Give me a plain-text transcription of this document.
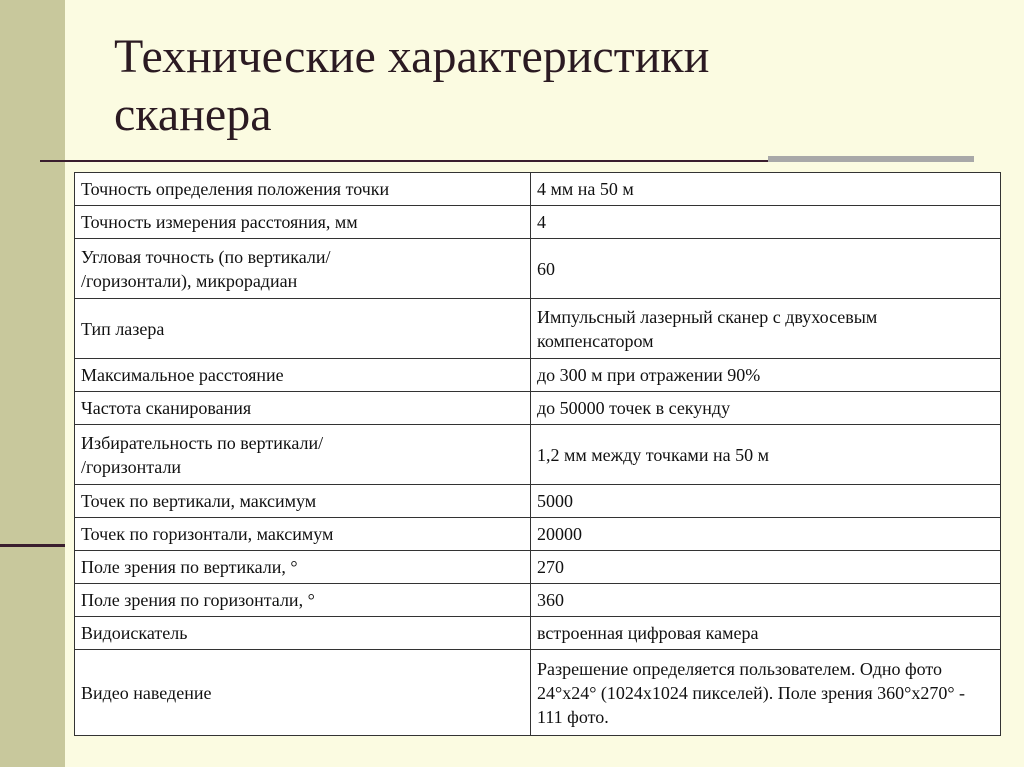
Технические характеристики
сканера
Точность определения положения точки	4 мм на 50 м
Точность измерения расстояния, мм	4

Угловая точность (по вертикали/
/горизонтали), микрорадиан	60
Тип лазера	Импульсный лазерный сканер с двухосевым компенсатором
Максимальное расстояние	до 300 м при отражении 90%
Частота сканирования	до 50000 точек в секунду

Избирательность по вертикали/
/горизонтали	1,2 мм между точками на 50 м
Точек по вертикали, максимум	5000
Точек по горизонтали, максимум	20000
Поле зрения по вертикали, °	270
Поле зрения по горизонтали, °	360
Видоискатель	встроенная цифровая камера
Видео наведение	Разрешение определяется пользователем. Одно фото 24°x24° (1024x1024 пикселей). Поле зрения 360°x270° - 111 фото.
